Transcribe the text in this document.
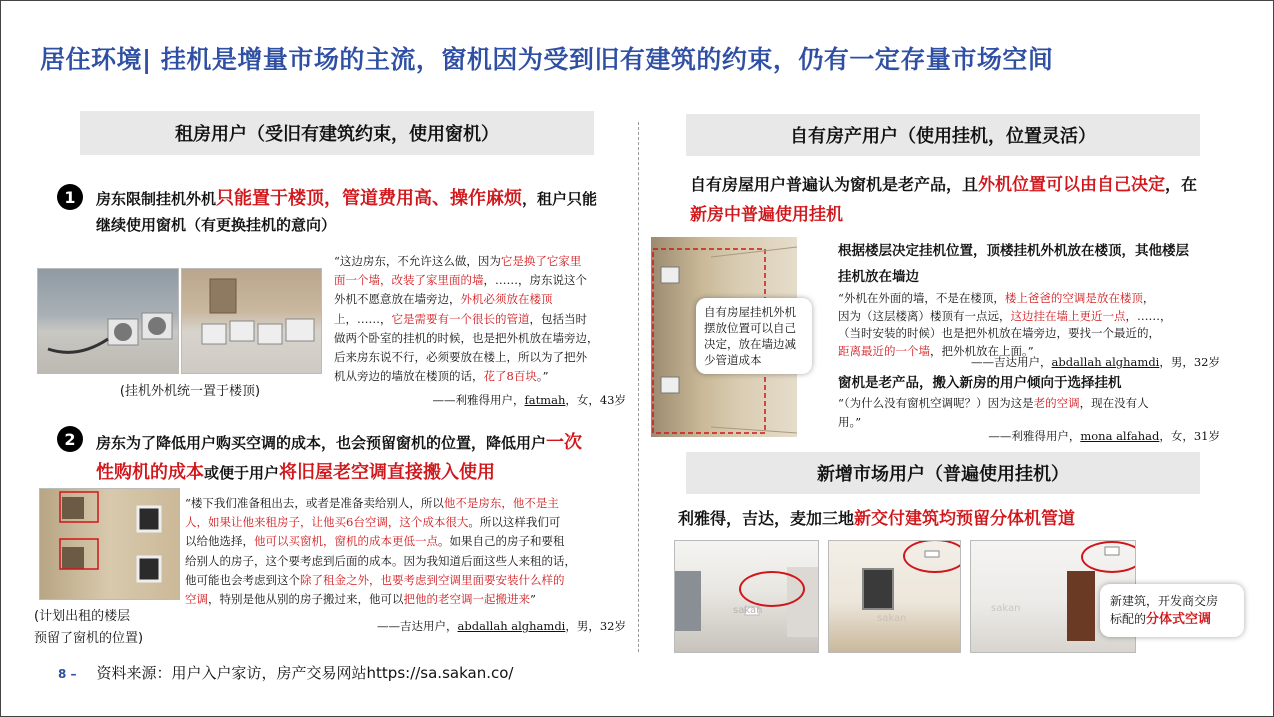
居住环境| 挂机是增量市场的主流，窗机因为受到旧有建筑的约束，仍有一定存量市场空间
租房用户（受旧有建筑约束，使用窗机）
1	房东限制挂机外机只能置于楼顶，管道费用高、操作麻烦，租户只能
继续使用窗机（有更换挂机的意向）
(挂机外机统一置于楼顶)
“这边房东，不允许这么做，因为它是换了它家里
面一个墙，改装了家里面的墙，……，房东说这个
外机不愿意放在墙旁边，外机必须放在楼顶
上，……，它是需要有一个很长的管道，包括当时
做两个卧室的挂机的时候，也是把外机放在墙旁边，
后来房东说不行，必须要放在楼上，所以为了把外
机从旁边的墙放在楼顶的话，花了8百块。”
——利雅得用户，fatmah，女，43岁
2	房东为了降低用户购买空调的成本，也会预留窗机的位置，降低用户一次
性购机的成本或便于用户将旧屋老空调直接搬入使用
(计划出租的楼层
预留了窗机的位置)
“楼下我们准备租出去，或者是准备卖给别人，所以他不是房东，他不是主
人，如果让他来租房子，让他买6台空调，这个成本很大。所以这样我们可
以给他选择，他可以买窗机，窗机的成本更低一点。如果自己的房子和要租
给别人的房子，这个要考虑到后面的成本。因为我知道后面这些人来租的话，
他可能也会考虑到这个除了租金之外，也要考虑到空调里面要安装什么样的
空调，特别是他从别的房子搬过来，他可以把他的老空调一起搬进来”
——吉达用户，abdallah alghamdi，男，32岁
自有房产用户（使用挂机，位置灵活）
自有房屋用户普遍认为窗机是老产品，且外机位置可以由自己决定，在
新房中普遍使用挂机
自有房屋挂机外机摆放位置可以自己决定，放在墙边减少管道成本
根据楼层决定挂机位置，顶楼挂机外机放在楼顶，其他楼层
挂机放在墙边
“外机在外面的墙，不是在楼顶，楼上爸爸的空调是放在楼顶，
因为（这层楼离）楼顶有一点远，这边挂在墙上更近一点，……，
（当时安装的时候）也是把外机放在墙旁边，要找一个最近的，
距离最近的一个墙，把外机放在上面。”
——吉达用户，abdallah alghamdi，男，32岁
窗机是老产品，搬入新房的用户倾向于选择挂机
“（为什么没有窗机空调呢？）因为这是老的空调，现在没有人
用。”
——利雅得用户，mona alfahad，女，31岁
新增市场用户（普遍使用挂机）
利雅得，吉达，麦加三地新交付建筑均预留分体机管道
sakan
sakan
sakan
新建筑，开发商交房
标配的分体式空调
8 – 资料来源：用户入户家访，房产交易网站https://sa.sakan.co/
